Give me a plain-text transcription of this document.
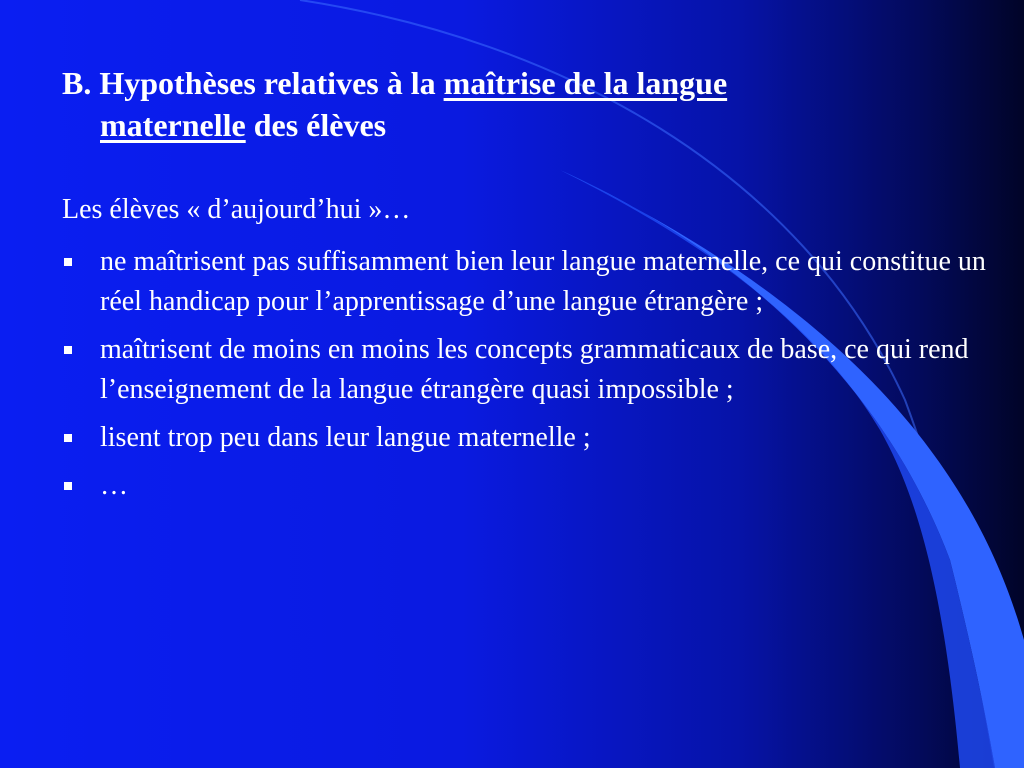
B. Hypothèses relatives à la maîtrise de la langue
maternelle des élèves
Les élèves « d’aujourd’hui »…
ne maîtrisent pas suffisamment bien leur langue maternelle, ce qui constitue un réel handicap pour l’apprentissage d’une langue étrangère ;
maîtrisent de moins en moins les concepts grammaticaux de base, ce qui rend l’enseignement de la langue étrangère quasi impossible ;
lisent trop peu dans leur langue maternelle ;
…
